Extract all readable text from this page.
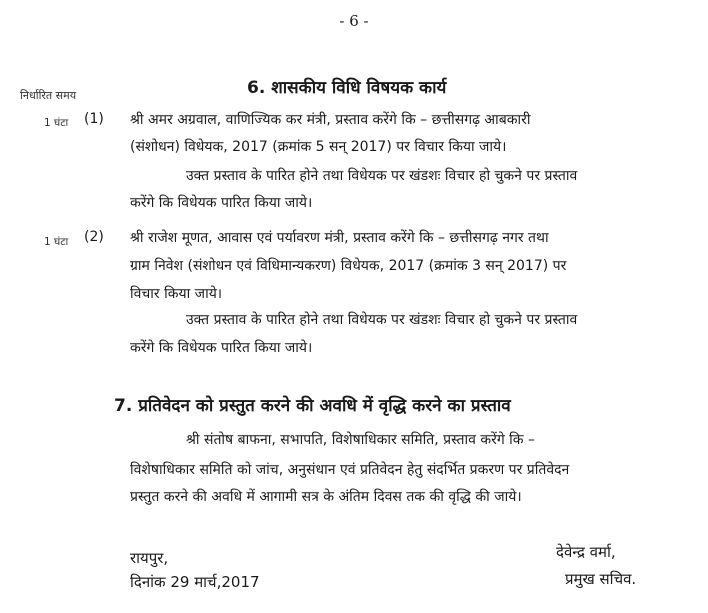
- 6 -
निर्धारित समय	6. शासकीय विधि विषयक कार्य
1 घंटा (1) श्री अमर अग्रवाल, वाणिज्यिक कर मंत्री, प्रस्ताव करेंगे कि – छत्तीसगढ़ आबकारी
(संशोधन) विधेयक, 2017 (क्रमांक 5 सन् 2017) पर विचार किया जाये।
उक्त प्रस्ताव के पारित होने तथा विधेयक पर खंडशः विचार हो चुकने पर प्रस्ताव
करेंगे कि विधेयक पारित किया जाये।
1 घंटा (2) श्री राजेश मूणत, आवास एवं पर्यावरण मंत्री, प्रस्ताव करेंगे कि – छत्तीसगढ़ नगर तथा
ग्राम निवेश (संशोधन एवं विधिमान्यकरण) विधेयक, 2017 (क्रमांक 3 सन् 2017) पर
विचार किया जाये।
उक्त प्रस्ताव के पारित होने तथा विधेयक पर खंडशः विचार हो चुकने पर प्रस्ताव
करेंगे कि विधेयक पारित किया जाये।
7. प्रतिवेदन को प्रस्तुत करने की अवधि में वृद्धि करने का प्रस्ताव
श्री संतोष बाफना, सभापति, विशेषाधिकार समिति, प्रस्ताव करेंगे कि –
विशेषाधिकार समिति को जांच, अनुसंधान एवं प्रतिवेदन हेतु संदर्भित प्रकरण पर प्रतिवेदन
प्रस्तुत करने की अवधि में आगामी सत्र के अंतिम दिवस तक की वृद्धि की जाये।
रायपुर,
दिनांक 29 मार्च,2017
देवेन्द्र वर्मा,
प्रमुख सचिव.
